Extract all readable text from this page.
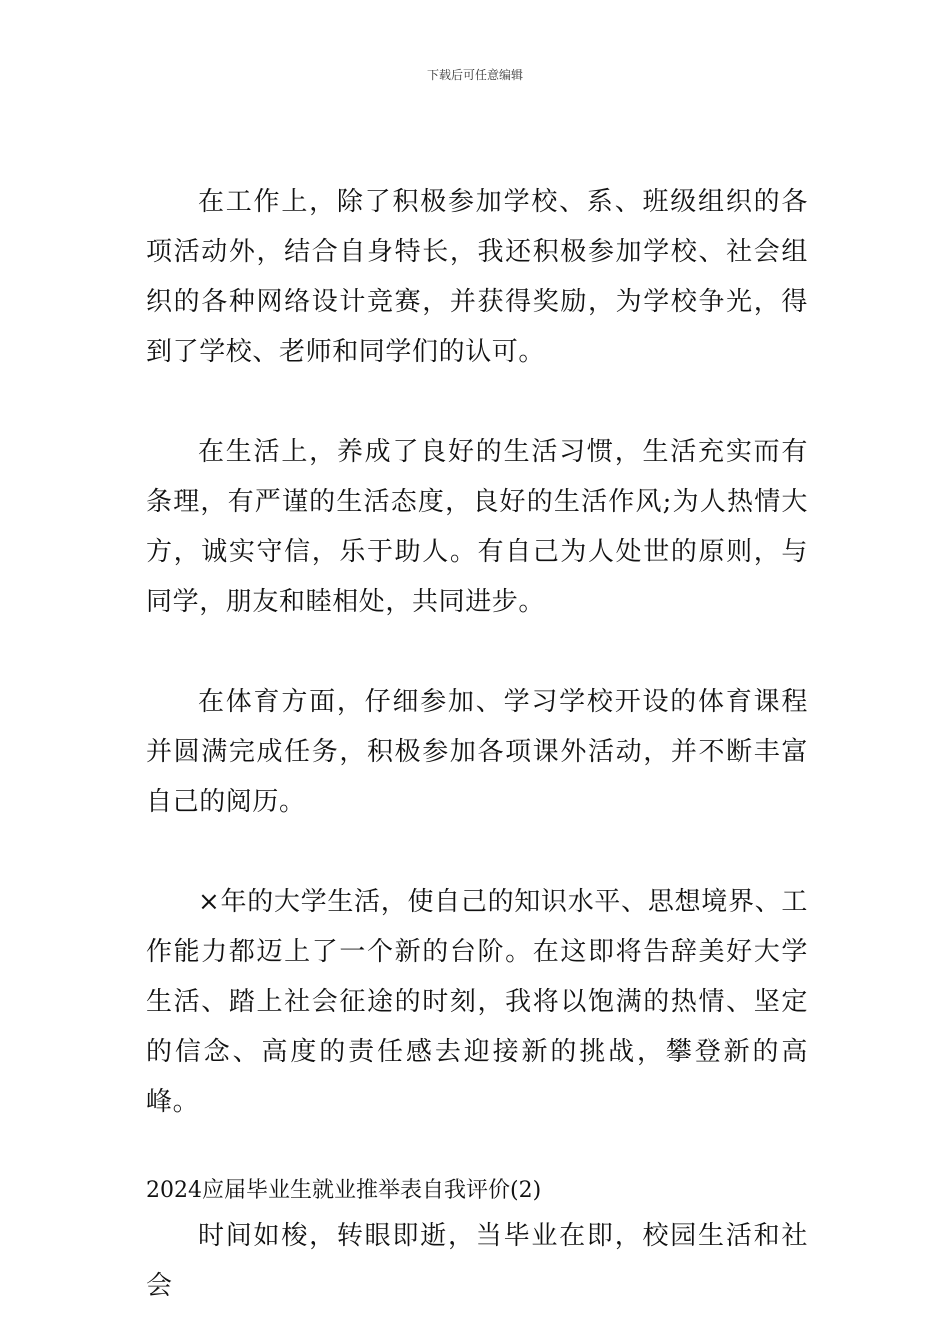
下载后可任意编辑

在工作上，除了积极参加学校、系、班级组织的各项活动外，结合自身特长，我还积极参加学校、社会组织的各种网络设计竞赛，并获得奖励，为学校争光，得到了学校、老师和同学们的认可。

在生活上，养成了良好的生活习惯，生活充实而有条理，有严谨的生活态度，良好的生活作风;为人热情大方，诚实守信，乐于助人。有自己为人处世的原则，与同学，朋友和睦相处，共同进步。

在体育方面，仔细参加、学习学校开设的体育课程并圆满完成任务，积极参加各项课外活动，并不断丰富自己的阅历。

×年的大学生活，使自己的知识水平、思想境界、工作能力都迈上了一个新的台阶。在这即将告辞美好大学生活、踏上社会征途的时刻，我将以饱满的热情、坚定的信念、高度的责任感去迎接新的挑战，攀登新的高峰。

2024应届毕业生就业推举表自我评价(2)

时间如梭，转眼即逝，当毕业在即，校园生活和社会
